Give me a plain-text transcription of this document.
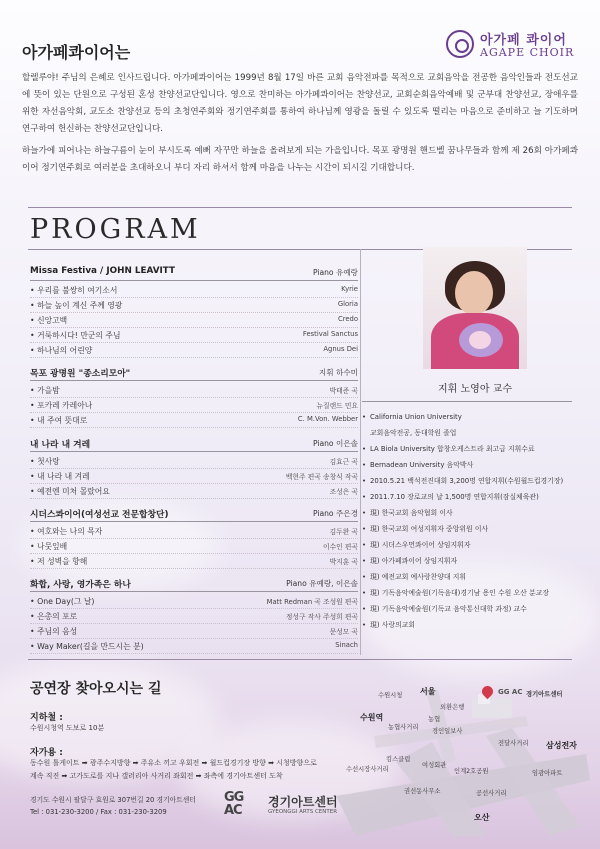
아가페콰이어는
아가페 콰이어
AGAPE CHOIR
할렐루야! 주님의 은혜로 인사드립니다. 아가페콰이어는 1999년 8월 17일 바른 교회 음악전파를 목적으로 교회음악을 전공한 음악인들과 전도선교에 뜻이 있는 단원으로 구성된 혼성 찬양선교단입니다. 영으로 찬미하는 아가페콰이어는 찬양선교, 교회순회음악예배 및 군부대 찬양선교, 장애우를 위한 자선음악회, 교도소 찬양선교 등의 초청연주회와 정기연주회를 통하여 하나님께 영광을 돌릴 수 있도록 떨리는 마음으로 준비하고 늘 기도하며 연구하여 헌신하는 찬양선교단입니다.
하늘가에 피어나는 하늘구름이 눈이 부시도록 예뻐 자꾸만 하늘을 올려보게 되는 가을입니다. 목포 광명원 핸드벨 꿈나무들과 함께 제 26회 아가페콰이어 정기연주회로 여러분을 초대하오니 부디 자리 하셔서 함께 마음을 나누는 시간이 되시길 기대합니다.
PROGRAM
Missa Festiva / JOHN LEAVITT	Piano 유예랑
• 우리를 불쌍히 여기소서	Kyrie
• 하늘 높이 계신 주께 영광	Gloria
• 신앙고백	Credo
• 거룩하시다! 만군의 주님	Festival Sanctus
• 하나님의 어린양	Agnus Dei
목포 광명원 "종소리모아"	지휘 하수미
• 가을밤	박태준 곡
• 포카레 카레아나	뉴질랜드 민요
• 내 주여 뜻대로	C. M.Von. Webber
내 나라 내 겨레	Piano 이은솔
• 첫사랑	김효근 곡
• 내 나라 내 겨레	백현주 편곡 송창식 작곡
• 예전엔 미처 몰랐어요	조성은 곡
시더스콰이어(여성선교 전문합창단)	Piano 주은경
• 여호와는 나의 목자	김두완 곡
• 나뭇잎배	이수인 편곡
• 저 성벽을 향해	박지훈 곡
화합, 사랑, 영가족은 하나	Piano 유예랑, 이은솔
• One Day(그 날)	Matt Redman 곡 조성원 편곡
• 은총의 포로	정성구 작사 주성희 편곡
• 주님의 음성	문성모 곡
• Way Maker(길을 만드시는 분)	Sinach
지휘 노영아 교수
• California Union University
교회음악전공, 동대학원 졸업
• LA Biola University 합창오케스트라 최고급 지휘수료
• Bernadean University 음악박사
• 2010.5.21 백석전진대회 3,200명 연합지휘(수원월드컵경기장)
• 2011.7.10 장로교의 날 1,500명 연합지휘(잠실체육관)
• 現) 한국교회 음악협회 이사
• 現) 한국교회 여성지휘자 중앙위원 이사
• 現) 시더스우먼콰이어 상임지휘자
• 現) 아가페콰이어 상임지휘자
• 現) 예전교회 예사랑찬양대 지휘
• 現) 기독음악예술원(기독음대)경기남 용인 수원 오산 분교장
• 現) 기독음악예술원(기독교 음악통신대학 과정) 교수
• 現) 사랑의교회
공연장 찾아오시는 길
지하철 :
수원시청역 도보로 10분
자가용 :
동수원 톨게이트 ➡ 광주수지방향 ➡ 주유소 끼고 우회전 ➡ 월드컵경기장 방향 ➡ 시청방향으로
계속 직진 ➡ 고가도로를 지나 갤러리아 사거리 좌회전 ➡ 좌측에 경기아트센터 도착
경기도 수원시 팔달구 효원로 307번길 20 경기아트센터
Tel : 031-230-3200 / Fax : 031-230-3209
GG AC
경기아트센터
GYEONGGI ARTS CENTER
수원시청 서울
외환은행
수원역	농협
농협사거리
경인일보사
전달사거리 삼성전자
킴스클럽
여성회관
수선시장사거리	인계2호공원	임광아파트
권선동사무소	공선사거리
오산
GG AC 경기아트센터
